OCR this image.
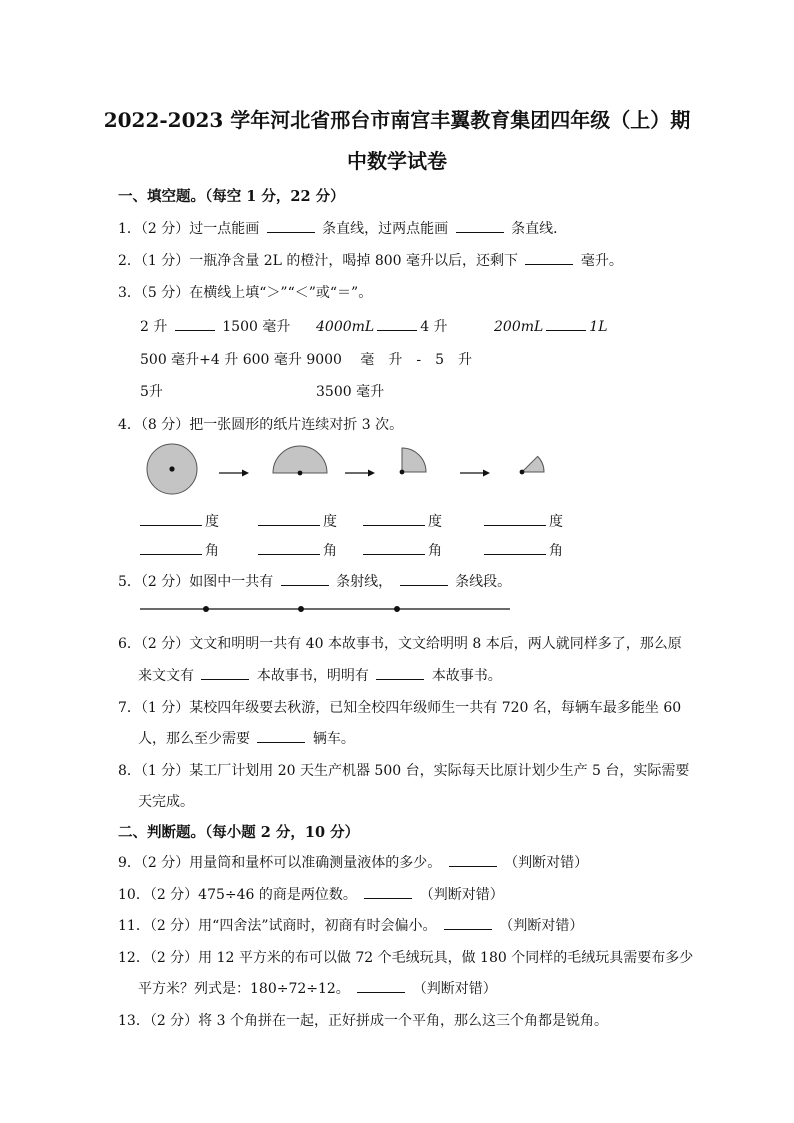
2022-2023 学年河北省邢台市南宫丰翼教育集团四年级（上）期
中数学试卷
一、填空题。（每空 1 分，22 分）
1．（2 分）过一点能画	条直线，过两点能画	条直线．
2．（1 分）一瓶净含量 2L 的橙汁，喝掉 800 毫升以后，还剩下	毫升。
3．（5 分）在横线上填“＞”“＜”或“＝”。
2 升	1500 毫升 4000mL	4 升	200mL	1L
500 毫升+4 升 600 毫升 9000 　毫　升　-　5　升
5升	3500 毫升
4．（8 分）把一张圆形的纸片连续对折 3 次。
度	度	度	度
角	角	角	角
5．（2 分）如图中一共有	条射线，	条线段。
6．（2 分）文文和明明一共有 40 本故事书，文文给明明 8 本后，两人就同样多了，那么原
来文文有	本故事书，明明有	本故事书。
7．（1 分）某校四年级要去秋游，已知全校四年级师生一共有 720 名，每辆车最多能坐 60
人，那么至少需要	辆车。
8．（1 分）某工厂计划用 20 天生产机器 500 台，实际每天比原计划少生产 5 台，实际需要
天完成。
二、判断题。（每小题 2 分，10 分）
9．（2 分）用量筒和量杯可以准确测量液体的多少。	（判断对错）
10．（2 分）475÷46 的商是两位数。	（判断对错）
11．（2 分）用“四舍法”试商时，初商有时会偏小。	（判断对错）
12．（2 分）用 12 平方米的布可以做 72 个毛绒玩具，做 180 个同样的毛绒玩具需要布多少
平方米？列式是：180÷72÷12。	（判断对错）
13．（2 分）将 3 个角拼在一起，正好拼成一个平角，那么这三个角都是锐角。
